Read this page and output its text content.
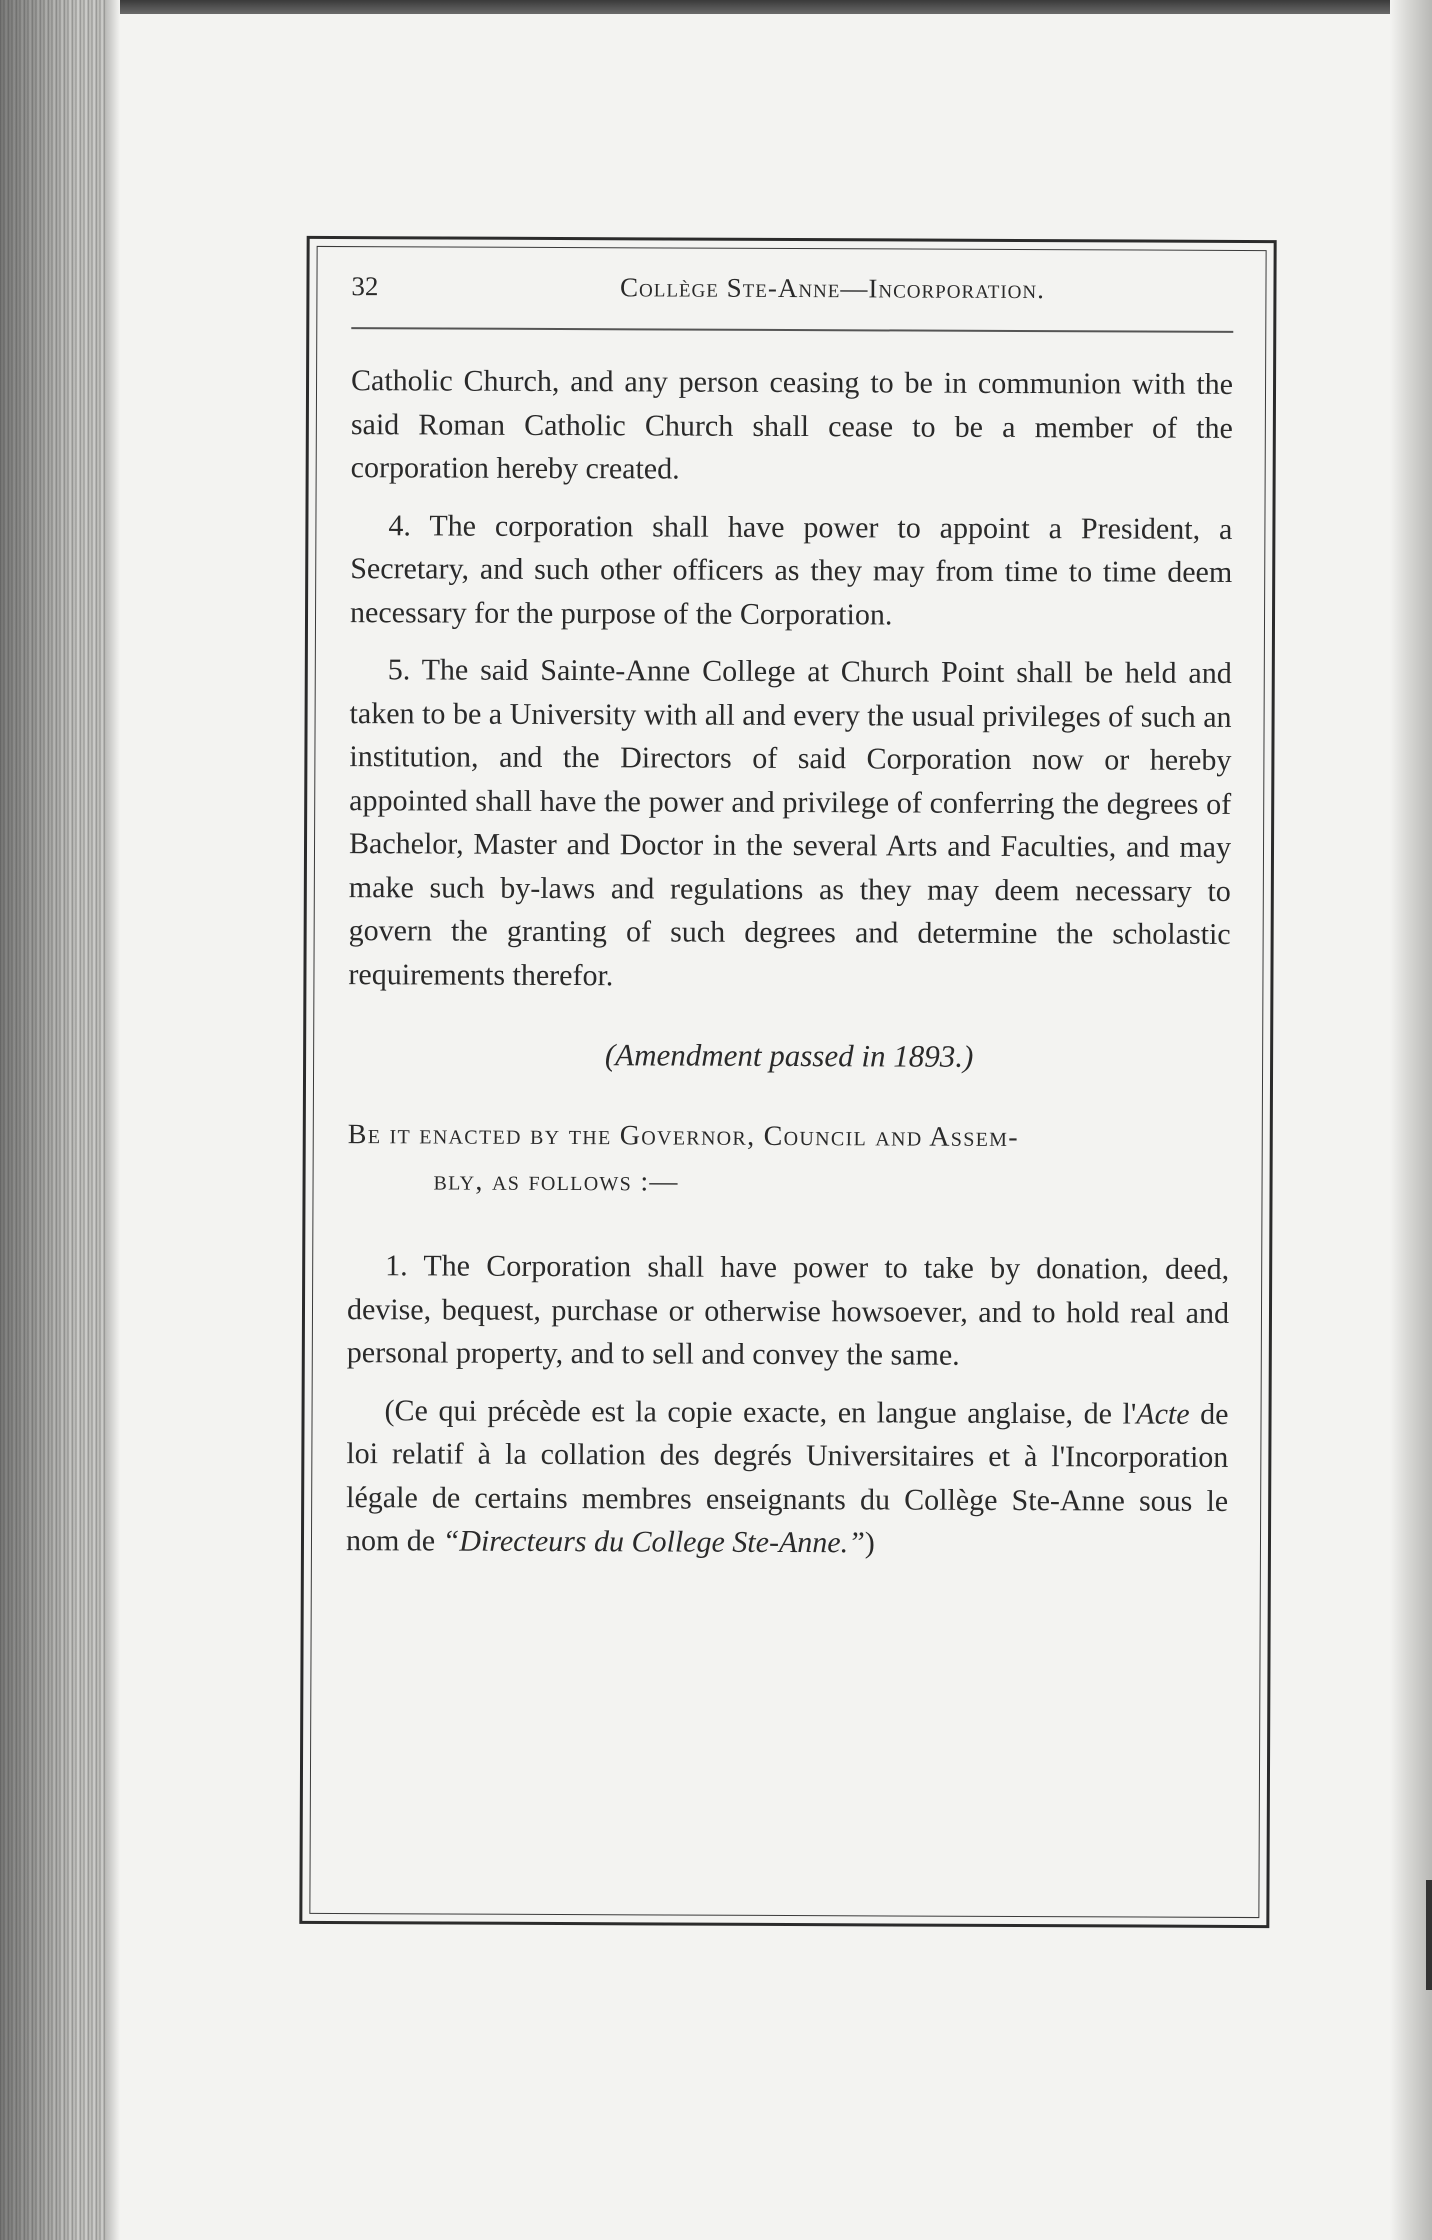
32	Collège Ste-Anne—Incorporation.

Catholic Church, and any person ceasing to be in communion with the said Roman Catholic Church shall cease to be a member of the corporation hereby created.

4. The corporation shall have power to appoint a President, a Secretary, and such other officers as they may from time to time deem necessary for the purpose of the Corporation.

5. The said Sainte-Anne College at Church Point shall be held and taken to be a University with all and every the usual privileges of such an institution, and the Directors of said Corporation now or hereby appointed shall have the power and privilege of conferring the degrees of Bachelor, Master and Doctor in the several Arts and Faculties, and may make such by-laws and regulations as they may deem necessary to govern the granting of such degrees and determine the scholastic requirements therefor.

(Amendment passed in 1893.)
Be it enacted by the Governor, Council and Assem-
bly, as follows :—

1. The Corporation shall have power to take by donation, deed, devise, bequest, purchase or otherwise howsoever, and to hold real and personal property, and to sell and convey the same.

(Ce qui précède est la copie exacte, en langue anglaise, de l'Acte de loi relatif à la collation des degrés Universitaires et à l'Incorporation légale de certains membres enseignants du Collège Ste-Anne sous le nom de “Directeurs du College Ste-Anne.”)
